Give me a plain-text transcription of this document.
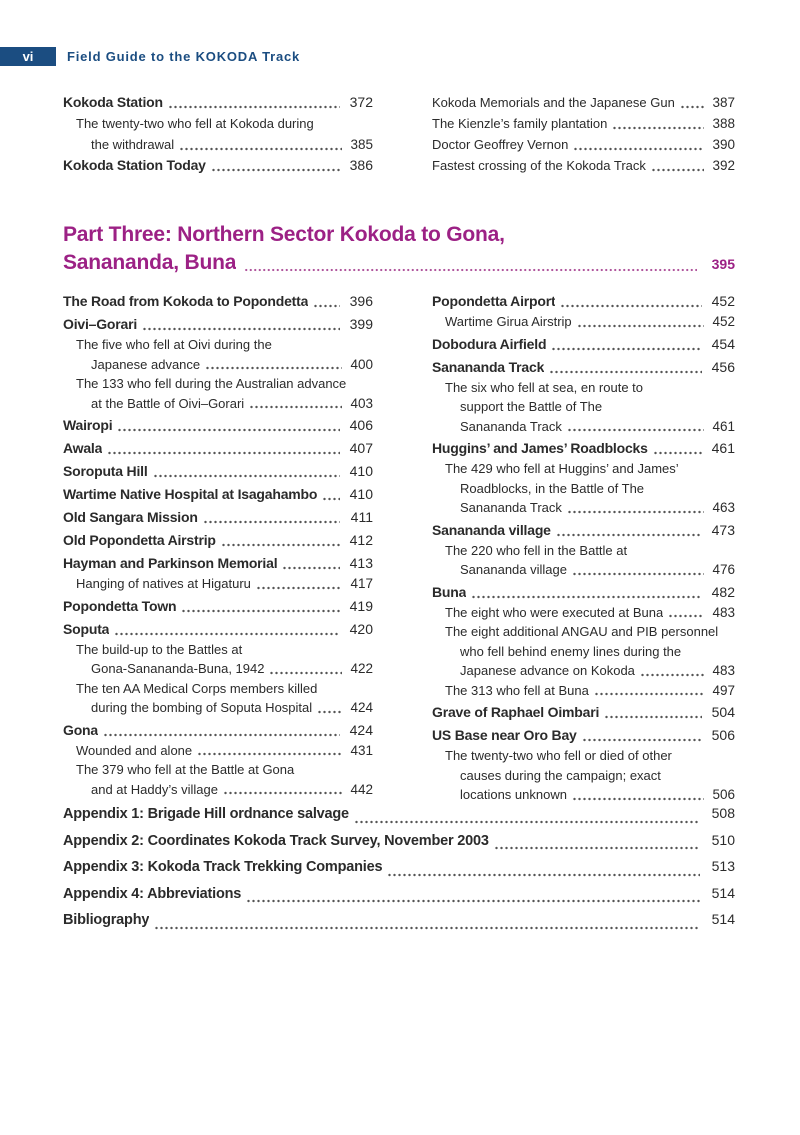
vi	Field Guide to the KOKODA Track
Kokoda Station	372
The twenty-two who fell at Kokoda during
the withdrawal	385
Kokoda Station Today	386
Kokoda Memorials and the Japanese Gun	387
The Kienzle’s family plantation	388
Doctor Geoffrey Vernon	390
Fastest crossing of the Kokoda Track	392
Part Three: Northern Sector Kokoda to Gona,
Sanananda, Buna	395
The Road from Kokoda to Popondetta	396
Oivi–Gorari	399
The five who fell at Oivi during the
Japanese advance	400
The 133 who fell during the Australian advance
at the Battle of Oivi–Gorari	403
Wairopi	406
Awala	407
Soroputa Hill	410
Wartime Native Hospital at Isagahambo	410
Old Sangara Mission	411
Old Popondetta Airstrip	412
Hayman and Parkinson Memorial	413
Hanging of natives at Higaturu	417
Popondetta Town	419
Soputa	420
The build-up to the Battles at
Gona-Sanananda-Buna, 1942	422
The ten AA Medical Corps members killed
during the bombing of Soputa Hospital	424
Gona	424
Wounded and alone	431
The 379 who fell at the Battle at Gona
and at Haddy’s village	442
Popondetta Airport	452
Wartime Girua Airstrip	452
Dobodura Airfield	454
Sanananda Track	456
The six who fell at sea, en route to
support the Battle of The
Sanananda Track	461
Huggins’ and James’ Roadblocks	461
The 429 who fell at Huggins’ and James’
Roadblocks, in the Battle of The
Sanananda Track	463
Sanananda village	473
The 220 who fell in the Battle at
Sanananda village	476
Buna	482
The eight who were executed at Buna	483
The eight additional ANGAU and PIB personnel
who fell behind enemy lines during the
Japanese advance on Kokoda	483
The 313 who fell at Buna	497
Grave of Raphael Oimbari	504
US Base near Oro Bay	506
The twenty-two who fell or died of other
causes during the campaign; exact
locations unknown	506
Appendix 1: Brigade Hill ordnance salvage	508
Appendix 2: Coordinates Kokoda Track Survey, November 2003	510
Appendix 3: Kokoda Track Trekking Companies	513
Appendix 4: Abbreviations	514
Bibliography	514
